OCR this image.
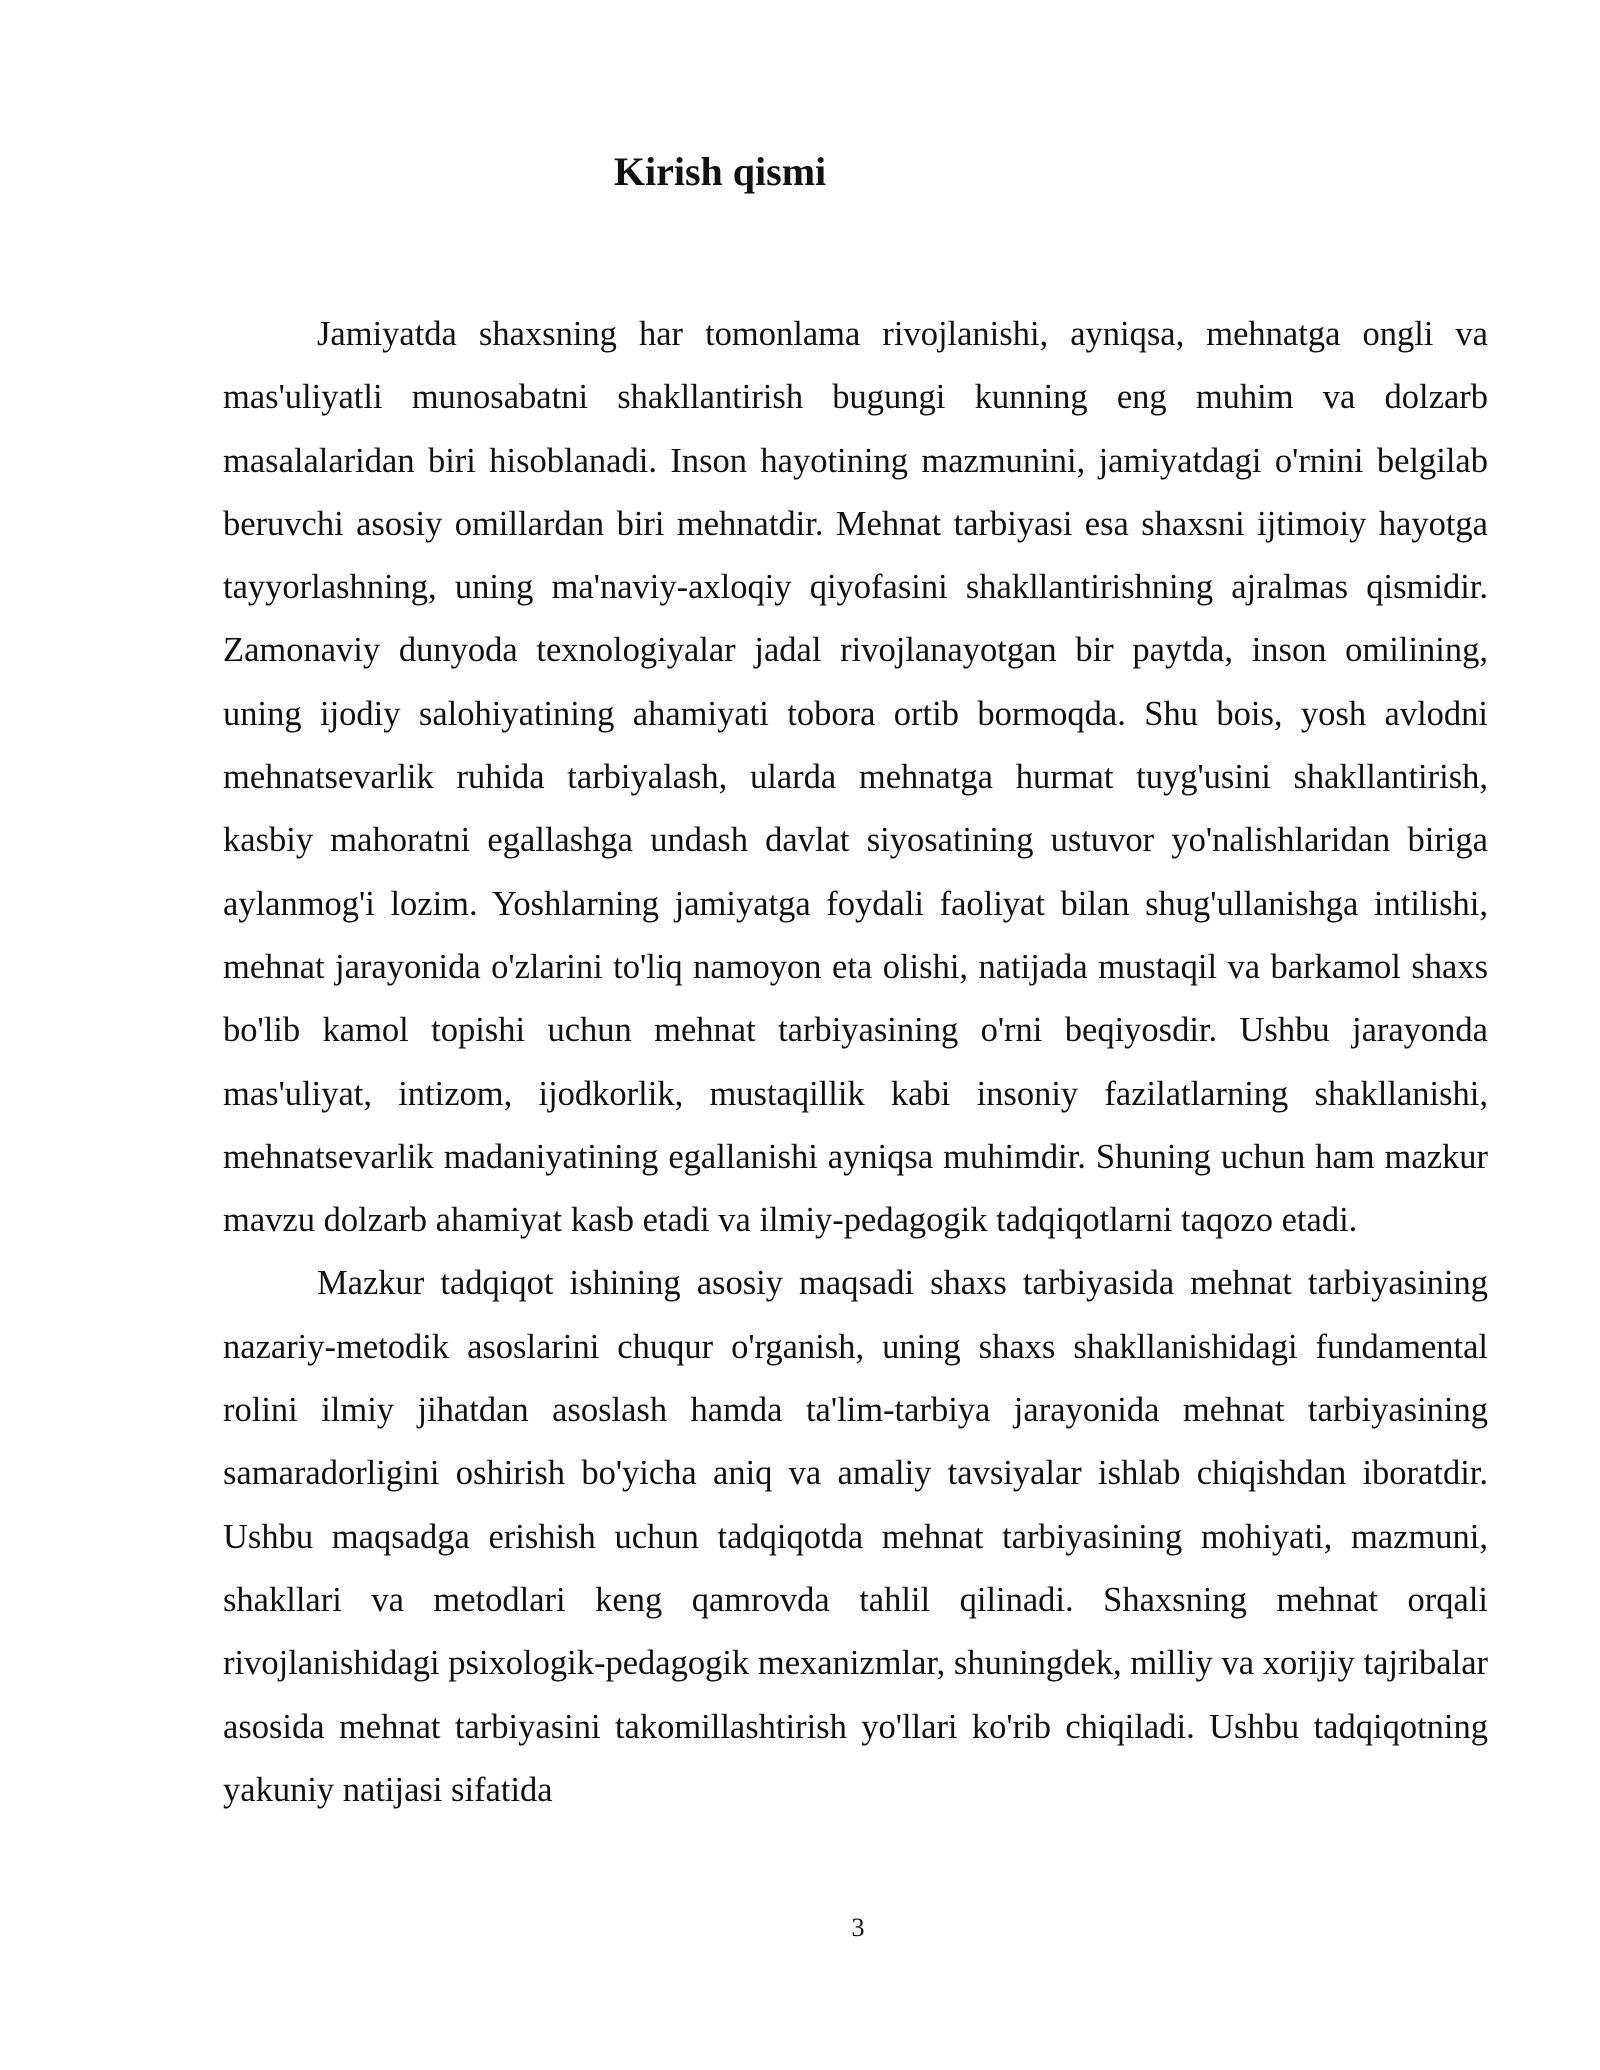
Kirish qismi

Jamiyatda shaxsning har tomonlama rivojlanishi, ayniqsa, mehnatga ongli va mas'uliyatli munosabatni shakllantirish bugungi kunning eng muhim va dolzarb masalalaridan biri hisoblanadi. Inson hayotining mazmunini, jamiyatdagi o'rnini belgilab beruvchi asosiy omillardan biri mehnatdir. Mehnat tarbiyasi esa shaxsni ijtimoiy hayotga tayyorlashning, uning ma'naviy-axloqiy qiyofasini shakllantirishning ajralmas qismidir. Zamonaviy dunyoda texnologiyalar jadal rivojlanayotgan bir paytda, inson omilining, uning ijodiy salohiyatining ahamiyati tobora ortib bormoqda. Shu bois, yosh avlodni mehnatsevarlik ruhida tarbiyalash, ularda mehnatga hurmat tuyg'usini shakllantirish, kasbiy mahoratni egallashga undash davlat siyosatining ustuvor yo'nalishlaridan biriga aylanmog'i lozim. Yoshlarning jamiyatga foydali faoliyat bilan shug'ullanishga intilishi, mehnat jarayonida o'zlarini to'liq namoyon eta olishi, natijada mustaqil va barkamol shaxs bo'lib kamol topishi uchun mehnat tarbiyasining o'rni beqiyosdir. Ushbu jarayonda mas'uliyat, intizom, ijodkorlik, mustaqillik kabi insoniy fazilatlarning shakllanishi, mehnatsevarlik madaniyatining egallanishi ayniqsa muhimdir. Shuning uchun ham mazkur mavzu dolzarb ahamiyat kasb etadi va ilmiy-pedagogik tadqiqotlarni taqozo etadi.

Mazkur tadqiqot ishining asosiy maqsadi shaxs tarbiyasida mehnat tarbiyasining nazariy-metodik asoslarini chuqur o'rganish, uning shaxs shakllanishidagi fundamental rolini ilmiy jihatdan asoslash hamda ta'lim-tarbiya jarayonida mehnat tarbiyasining samaradorligini oshirish bo'yicha aniq va amaliy tavsiyalar ishlab chiqishdan iboratdir. Ushbu maqsadga erishish uchun tadqiqotda mehnat tarbiyasining mohiyati, mazmuni, shakllari va metodlari keng qamrovda tahlil qilinadi. Shaxsning mehnat orqali rivojlanishidagi psixologik-pedagogik mexanizmlar, shuningdek, milliy va xorijiy tajribalar asosida mehnat tarbiyasini takomillashtirish yo'llari ko'rib chiqiladi. Ushbu tadqiqotning yakuniy natijasi sifatida

3
